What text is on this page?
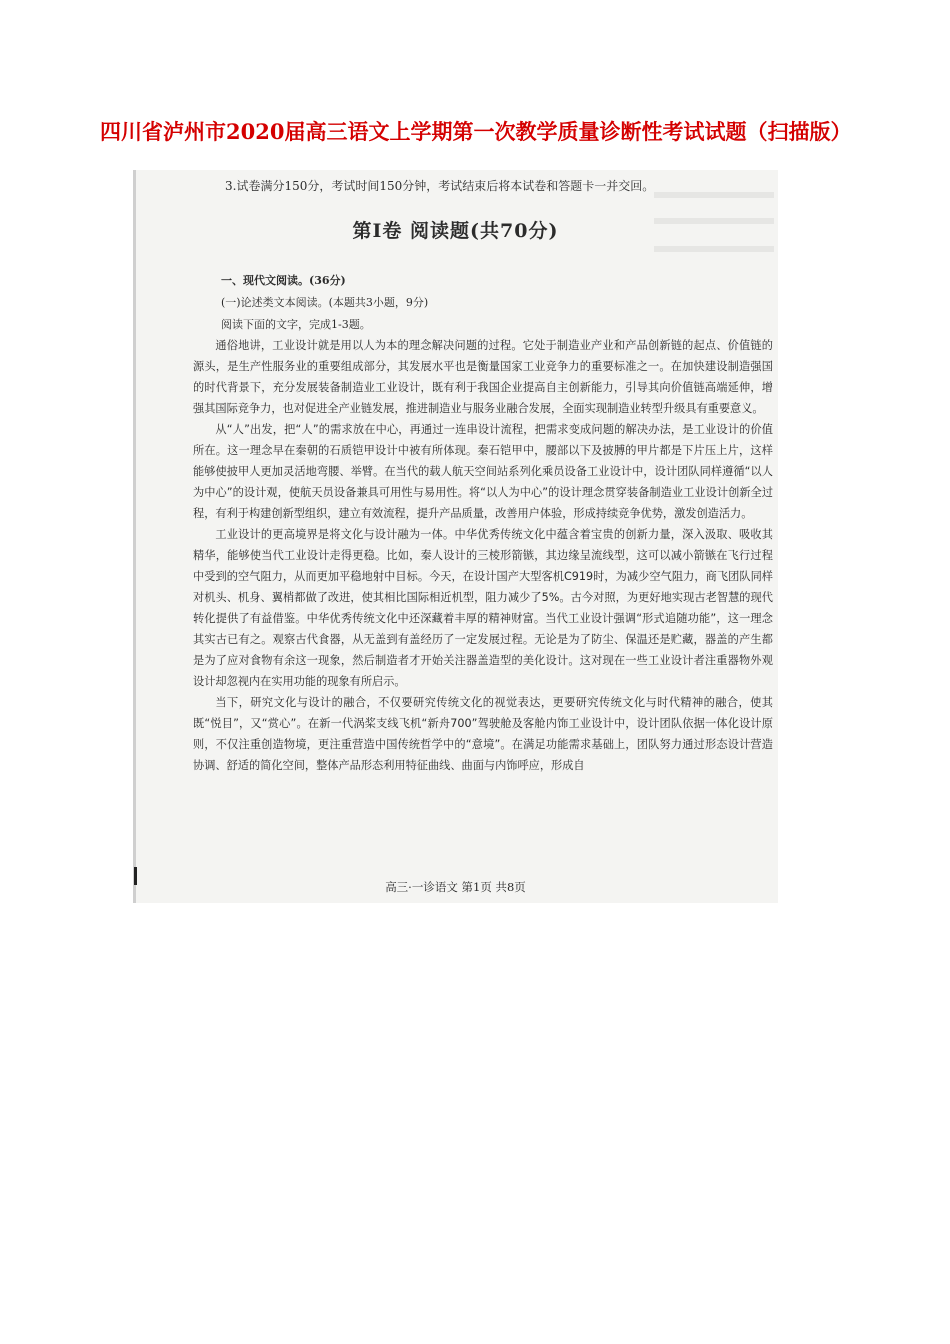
四川省泸州市2020届高三语文上学期第一次教学质量诊断性考试试题（扫描版）
3.试卷满分150分，考试时间150分钟，考试结束后将本试卷和答题卡一并交回。
第Ⅰ卷 阅读题(共70分)
一、现代文阅读。(36分)
(一)论述类文本阅读。(本题共3小题，9分)
阅读下面的文字，完成1-3题。

通俗地讲，工业设计就是用以人为本的理念解决问题的过程。它处于制造业产业和产品创新链的起点、价值链的源头，是生产性服务业的重要组成部分，其发展水平也是衡量国家工业竞争力的重要标准之一。在加快建设制造强国的时代背景下，充分发展装备制造业工业设计，既有利于我国企业提高自主创新能力，引导其向价值链高端延伸，增强其国际竞争力，也对促进全产业链发展，推进制造业与服务业融合发展，全面实现制造业转型升级具有重要意义。

从“人”出发，把“人”的需求放在中心，再通过一连串设计流程，把需求变成问题的解决办法，是工业设计的价值所在。这一理念早在秦朝的石质铠甲设计中被有所体现。秦石铠甲中，腰部以下及披膊的甲片都是下片压上片，这样能够使披甲人更加灵活地弯腰、举臂。在当代的载人航天空间站系列化乘员设备工业设计中，设计团队同样遵循“以人为中心”的设计观，使航天员设备兼具可用性与易用性。将“以人为中心”的设计理念贯穿装备制造业工业设计创新全过程，有利于构建创新型组织，建立有效流程，提升产品质量，改善用户体验，形成持续竞争优势，激发创造活力。

工业设计的更高境界是将文化与设计融为一体。中华优秀传统文化中蕴含着宝贵的创新力量，深入汲取、吸收其精华，能够使当代工业设计走得更稳。比如，秦人设计的三棱形箭镞，其边缘呈流线型，这可以减小箭镞在飞行过程中受到的空气阻力，从而更加平稳地射中目标。今天，在设计国产大型客机C919时，为减少空气阻力，商飞团队同样对机头、机身、翼梢都做了改进，使其相比国际相近机型，阻力减少了5%。古今对照，为更好地实现古老智慧的现代转化提供了有益借鉴。中华优秀传统文化中还深藏着丰厚的精神财富。当代工业设计强调“形式追随功能”，这一理念其实古已有之。观察古代食器，从无盖到有盖经历了一定发展过程。无论是为了防尘、保温还是贮藏，器盖的产生都是为了应对食物有余这一现象，然后制造者才开始关注器盖造型的美化设计。这对现在一些工业设计者注重器物外观设计却忽视内在实用功能的现象有所启示。

当下，研究文化与设计的融合，不仅要研究传统文化的视觉表达，更要研究传统文化与时代精神的融合，使其既“悦目”，又“赏心”。在新一代涡桨支线飞机“新舟700”驾驶舱及客舱内饰工业设计中，设计团队依据一体化设计原则，不仅注重创造物境，更注重营造中国传统哲学中的“意境”。在满足功能需求基础上，团队努力通过形态设计营造协调、舒适的简化空间，整体产品形态利用特征曲线、曲面与内饰呼应，形成自

高三·一诊语文 第1页 共8页
